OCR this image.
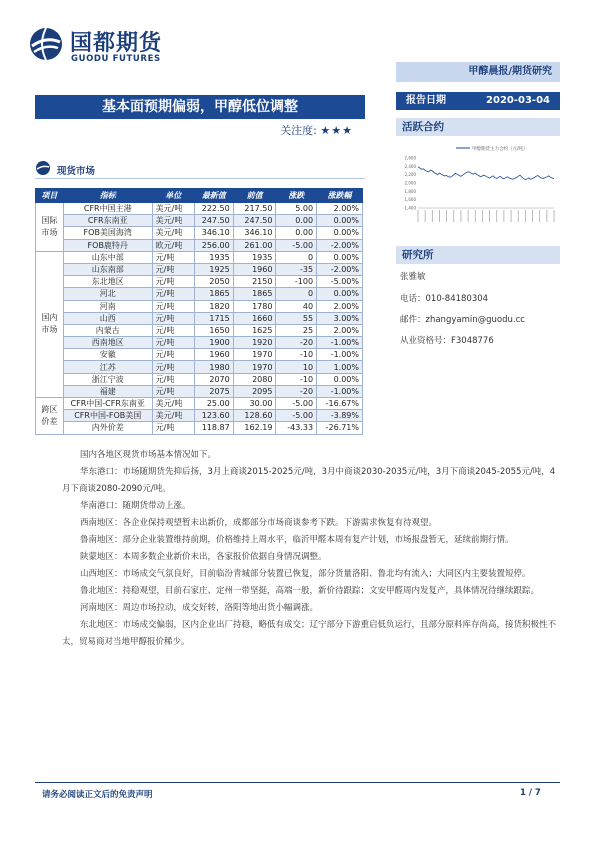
国都期货
GUODU FUTURES
甲醇晨报/期货研究
基本面预期偏弱，甲醇低位调整
关注度: ★★★
报告日期	2020-03-04
活跃合约
甲醇期货主力合约（元/吨）
2,600
2,400
2,200
2,000
1,800
1,600
1,400
研究所
张雅敏
电话：010-84180304
邮件：zhangyamin@guodu.cc
从业资格号：F3048776
现货市场
项目	指标	单位	最新值	前值	涨跌	涨跌幅
国际
市场	CFR中国主港	美元/吨	222.50	217.50	5.00	2.00%
	CFR东南亚	美元/吨	247.50	247.50	0.00	0.00%
	FOB美国海湾	美元/吨	346.10	346.10	0.00	0.00%
	FOB鹿特丹	欧元/吨	256.00	261.00	-5.00	-2.00%
国内
市场	山东中部	元/吨	1935	1935	0	0.00%
	山东南部	元/吨	1925	1960	-35	-2.00%
	东北地区	元/吨	2050	2150	-100	-5.00%
	河北	元/吨	1865	1865	0	0.00%
	河南	元/吨	1820	1780	40	2.00%
	山西	元/吨	1715	1660	55	3.00%
	内蒙古	元/吨	1650	1625	25	2.00%
	西南地区	元/吨	1900	1920	-20	-1.00%
	安徽	元/吨	1960	1970	-10	-1.00%
	江苏	元/吨	1980	1970	10	1.00%
	浙江宁波	元/吨	2070	2080	-10	0.00%
	福建	元/吨	2075	2095	-20	-1.00%
跨区
价差	CFR中国-CFR东南亚	美元/吨	25.00	30.00	-5.00	-16.67%
	CFR中国-FOB美国	美元/吨	123.60	128.60	-5.00	-3.89%
	内外价差	元/吨	118.87	162.19	-43.33	-26.71%

国内各地区现货市场基本情况如下。

华东港口：市场随期货先抑后扬，3月上商谈2015-2025元/吨，3月中商谈2030-2035元/吨，3月下商谈2045-2055元/吨，4月下商谈2080-2090元/吨。

华南港口：随期货带动上涨。

西南地区：各企业保持观望暂未出新价，成都部分市场商谈参考下跌。下游需求恢复有待观望。

鲁南地区：部分企业装置维持前期，价格维持上周水平，临沂甲醛本周有复产计划，市场报盘暂无，延续前期行情。

陕蒙地区：本周多数企业新价未出，各家报价依据自身情况调整。

山西地区：市场成交气氛良好，目前临汾青城部分装置已恢复，部分货量洛阳、鲁北均有流入；大同区内主要装置短停。

鲁北地区：持稳观望，目前石家庄、定州一带坚挺，高端一般，新价待跟踪；文安甲醛周内发复产，具体情况待继续跟踪。

河南地区：周边市场拉动，成交好转，洛阳等地出货小幅调涨。

东北地区：市场成交偏弱，区内企业出厂持稳，略低有成交；辽宁部分下游重启低负运行，且部分原料库存尚高，接货积极性不太，贸易商对当地甲醇报价稀少。

请务必阅读正文后的免责声明	1 / 7
